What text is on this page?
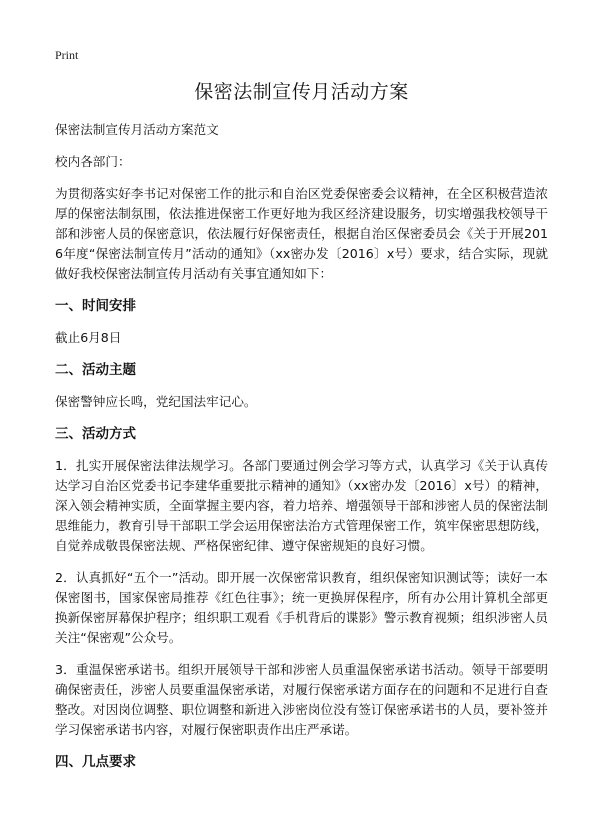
Print
保密法制宣传月活动方案

保密法制宣传月活动方案范文

校内各部门：

为贯彻落实好李书记对保密工作的批示和自治区党委保密委会议精神，在全区积极营造浓厚的保密法制氛围，依法推进保密工作更好地为我区经济建设服务，切实增强我校领导干部和涉密人员的保密意识，依法履行好保密责任，根据自治区保密委员会《关于开展2016年度“保密法制宣传月”活动的通知》（xx密办发〔2016〕x号）要求，结合实际，现就做好我校保密法制宣传月活动有关事宜通知如下：

一、时间安排

截止6月8日

二、活动主题

保密警钟应长鸣，党纪国法牢记心。

三、活动方式

1．扎实开展保密法律法规学习。各部门要通过例会学习等方式，认真学习《关于认真传达学习自治区党委书记李建华重要批示精神的通知》（xx密办发〔2016〕x号）的精神，深入领会精神实质，全面掌握主要内容，着力培养、增强领导干部和涉密人员的保密法制思维能力，教育引导干部职工学会运用保密法治方式管理保密工作，筑牢保密思想防线，自觉养成敬畏保密法规、严格保密纪律、遵守保密规矩的良好习惯。

2．认真抓好“五个一”活动。即开展一次保密常识教育，组织保密知识测试等；读好一本保密图书，国家保密局推荐《红色往事》；统一更换屏保程序，所有办公用计算机全部更换新保密屏幕保护程序；组织职工观看《手机背后的谍影》警示教育视频；组织涉密人员关注“保密观”公众号。

3．重温保密承诺书。组织开展领导干部和涉密人员重温保密承诺书活动。领导干部要明确保密责任，涉密人员要重温保密承诺，对履行保密承诺方面存在的问题和不足进行自查整改。对因岗位调整、职位调整和新进入涉密岗位没有签订保密承诺书的人员，要补签并学习保密承诺书内容，对履行保密职责作出庄严承诺。

四、几点要求
